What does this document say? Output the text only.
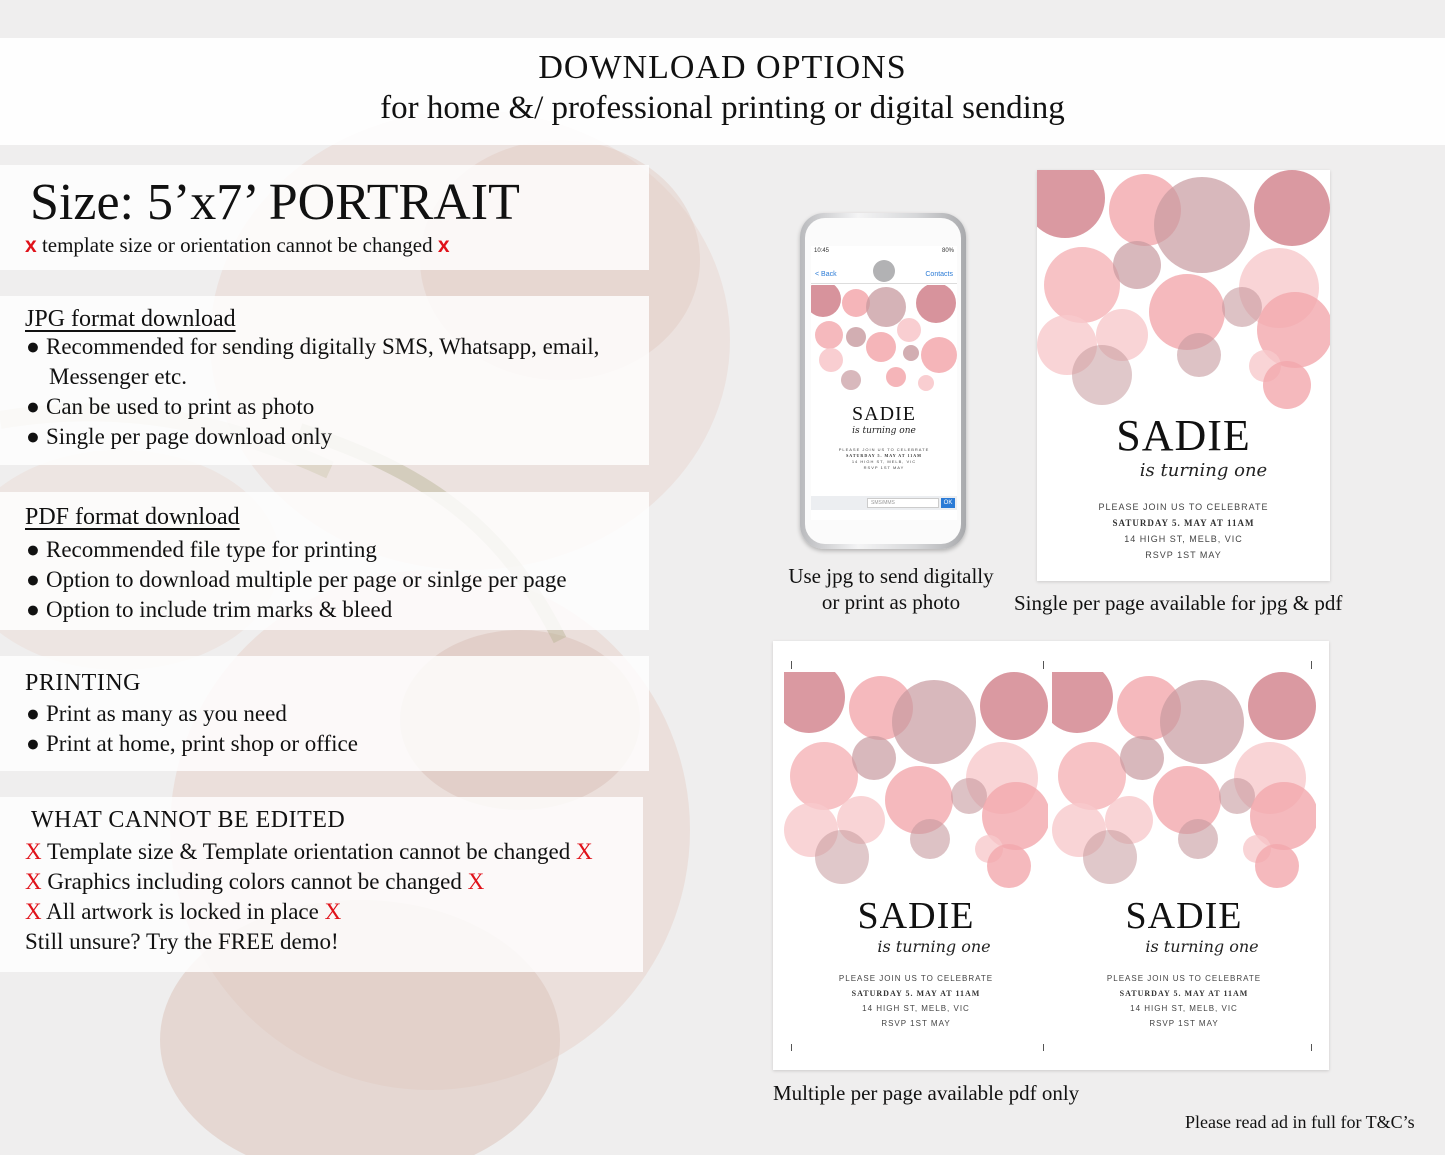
DOWNLOAD OPTIONS
for home &/ professional printing or digital sending
Size: 5’x7’ PORTRAIT
x template size or orientation cannot be changed x
JPG format download
● Recommended for sending digitally SMS, Whatsapp, email,
Messenger etc.
● Can be used to print as photo
● Single per page download only
PDF format download
● Recommended file type for printing
● Option to download multiple per page or sinlge per page
● Option to include trim marks & bleed
PRINTING
● Print as many as you need
● Print at home, print shop or office
WHAT CANNOT BE EDITED
X Template size & Template orientation cannot be changed X
X Graphics including colors cannot be changed X
X All artwork is locked in place X
Still unsure? Try the FREE demo!
10:45	80%
< Back	Contacts
SADIE
is turning one
PLEASE JOIN US TO CELEBRATE
SATURDAY 5. MAY AT 11AM
14 HIGH ST, MELB, VIC
RSVP 1ST MAY
SMS/MMS	OK
Use jpg to send digitally
or print as photo
SADIE
is turning one
PLEASE JOIN US TO CELEBRATE
SATURDAY 5. MAY AT 11AM
14 HIGH ST, MELB, VIC
RSVP 1ST MAY
Single per page available for jpg & pdf
SADIE
is turning one
PLEASE JOIN US TO CELEBRATE
SATURDAY 5. MAY AT 11AM
14 HIGH ST, MELB, VIC
RSVP 1ST MAY
SADIE
is turning one
PLEASE JOIN US TO CELEBRATE
SATURDAY 5. MAY AT 11AM
14 HIGH ST, MELB, VIC
RSVP 1ST MAY
Multiple per page available pdf only
Please read ad in full for T&C’s
